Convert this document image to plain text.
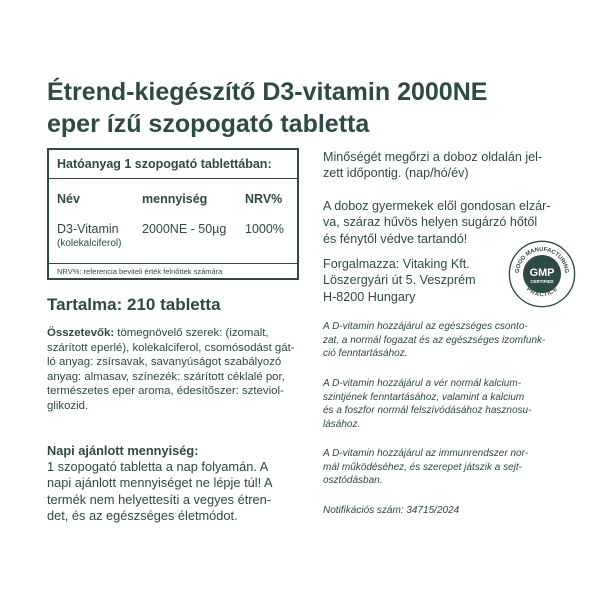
Étrend-kiegészítő D3-vitamin 2000NE
eper ízű szopogató tabletta
Hatóanyag 1 szopogató tablettában:
Név	mennyiség	NRV%
D3-Vitamin 2000NE - 50µg 1000%
(kolekalciferol)
NRV%: referencia beviteli érték felnőttek számára
Tartalma: 210 tabletta
Összetevők: tömegnövelő szerek: (izomalt,
szárított eperlé), kolekalciferol, csomósodást gát-
ló anyag: zsírsavak, savanyúságot szabályozó
anyag: almasav, színezék: szárított céklalé por,
természetes eper aroma, édesítőszer: szteviol-
glikozid.
Napi ajánlott mennyiség:
1 szopogató tabletta a nap folyamán. A
napi ajánlott mennyiséget ne lépje túl! A
termék nem helyettesíti a vegyes étren-
det, és az egészséges életmódot.
Minőségét megőrzi a doboz oldalán jel-
zett időpontig. (nap/hó/év)
A doboz gyermekek elől gondosan elzár-
va, száraz hűvös helyen sugárzó hőtől
és fénytől védve tartandó!
Forgalmazza: Vitaking Kft.
Löszergyári út 5. Veszprém
H-8200 Hungary
GOOD MANUFACTURING
PRACTICE
GMP
CERTIFIED
A D-vitamin hozzájárul az egészséges csonto-
zat, a normál fogazat és az egészséges izomfunk-
ció fenntartásához.
A D-vitamin hozzájárul a vér normál kalcium-
szintjének fenntartásához, valamint a kalcium
és a foszfor normál felszívódásához hasznosu-
lásához.
A D-vitamin hozzájárul az immunrendszer nor-
mál működéséhez, és szerepet játszik a sejt-
osztódásban.
Notifikációs szám: 34715/2024
